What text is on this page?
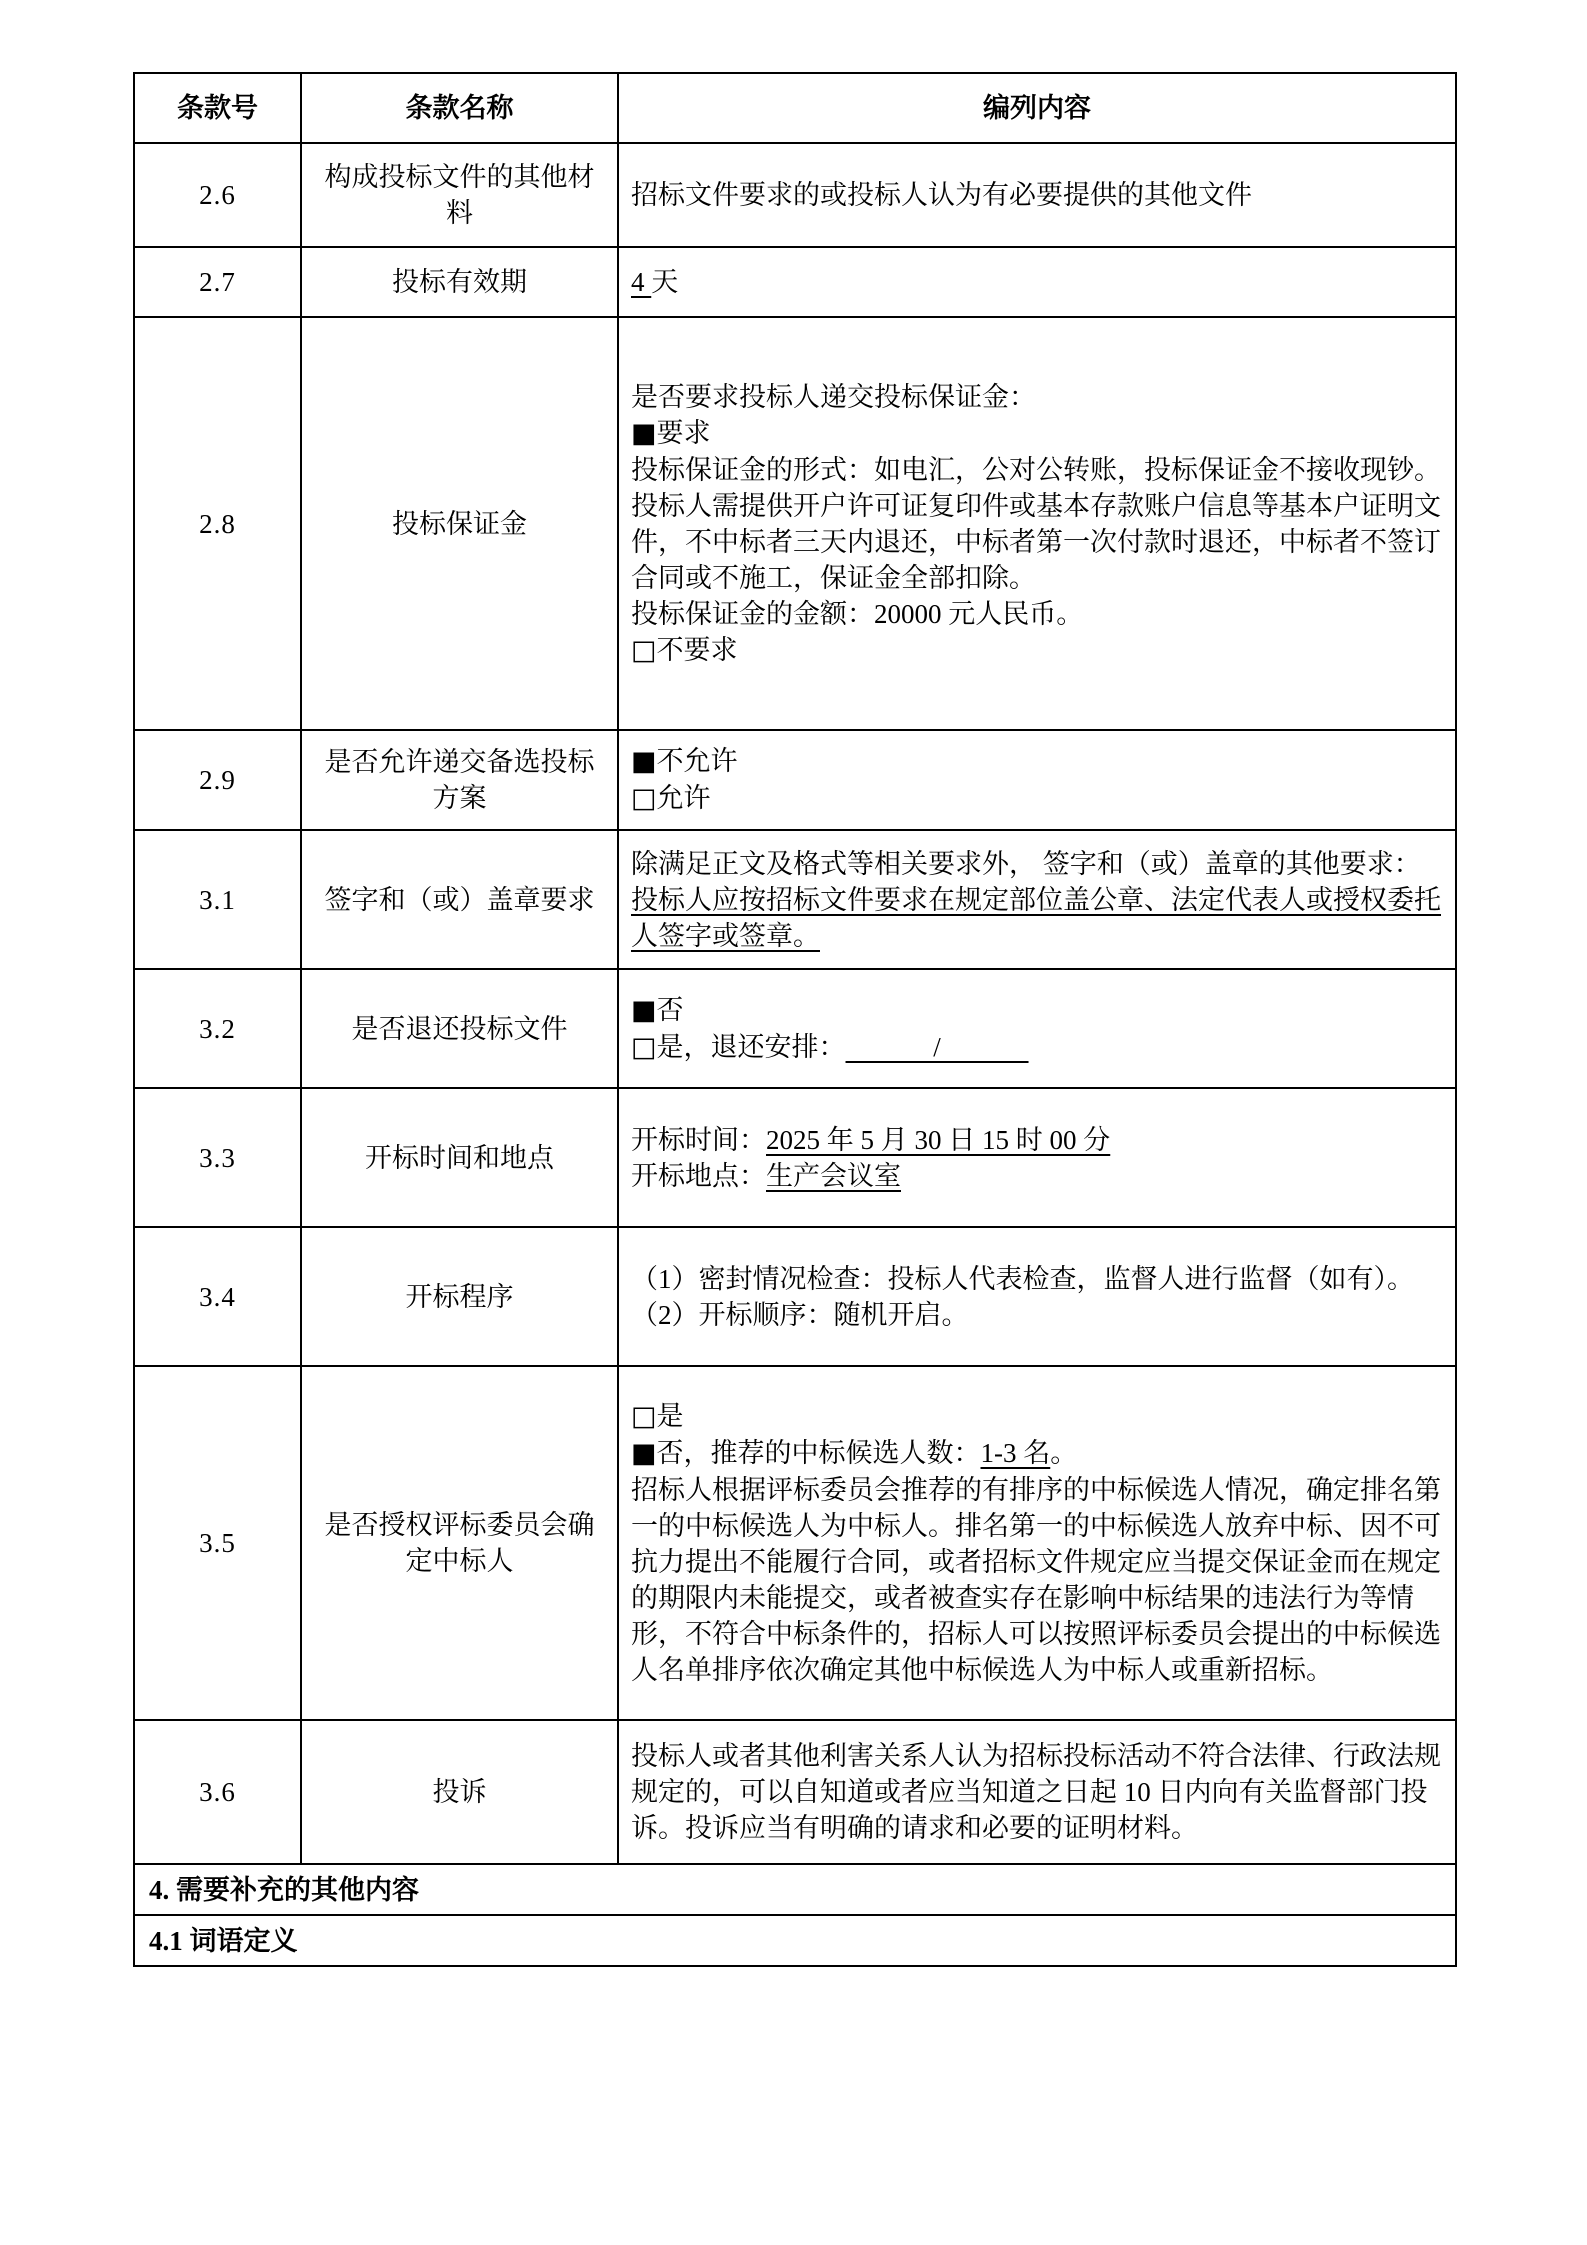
条款号	条款名称	编列内容
2.6	构成投标文件的其他材料	招标文件要求的或投标人认为有必要提供的其他文件

2.7	投标有效期	4 天

2.8	投标保证金	
是否要求投标人递交投标保证金：
■要求
投标保证金的形式：如电汇，公对公转账，投标保证金不接收现钞。
投标人需提供开户许可证复印件或基本存款账户信息等基本户证明文件，不中标者三天内退还，中标者第一次付款时退还，中标者不签订合同或不施工，保证金全部扣除。
投标保证金的金额：20000 元人民币。
□不要求

2.9	是否允许递交备选投标方案	■不允许
□允许

3.1	签字和（或）盖章要求	除满足正文及格式等相关要求外， 签字和（或）盖章的其他要求：投标人应按招标文件要求在规定部位盖公章、法定代表人或授权委托人签字或签章。

3.2	是否退还投标文件	■否
□是，退还安排：             /

3.3	开标时间和地点	开标时间：2025 年 5 月 30 日 15 时 00 分
开标地点：生产会议室

3.4	开标程序	（1）密封情况检查：投标人代表检查，监督人进行监督（如有）。
（2）开标顺序：随机开启。

3.5	是否授权评标委员会确定中标人	□是
■否，推荐的中标候选人数：1-3 名。
招标人根据评标委员会推荐的有排序的中标候选人情况，确定排名第一的中标候选人为中标人。排名第一的中标候选人放弃中标、因不可抗力提出不能履行合同，或者招标文件规定应当提交保证金而在规定的期限内未能提交，或者被查实存在影响中标结果的违法行为等情形，不符合中标条件的，招标人可以按照评标委员会提出的中标候选人名单排序依次确定其他中标候选人为中标人或重新招标。

3.6	投诉	投标人或者其他利害关系人认为招标投标活动不符合法律、行政法规规定的，可以自知道或者应当知道之日起 10 日内向有关监督部门投诉。投诉应当有明确的请求和必要的证明材料。

4. 需要补充的其他内容		
4.1 词语定义		
